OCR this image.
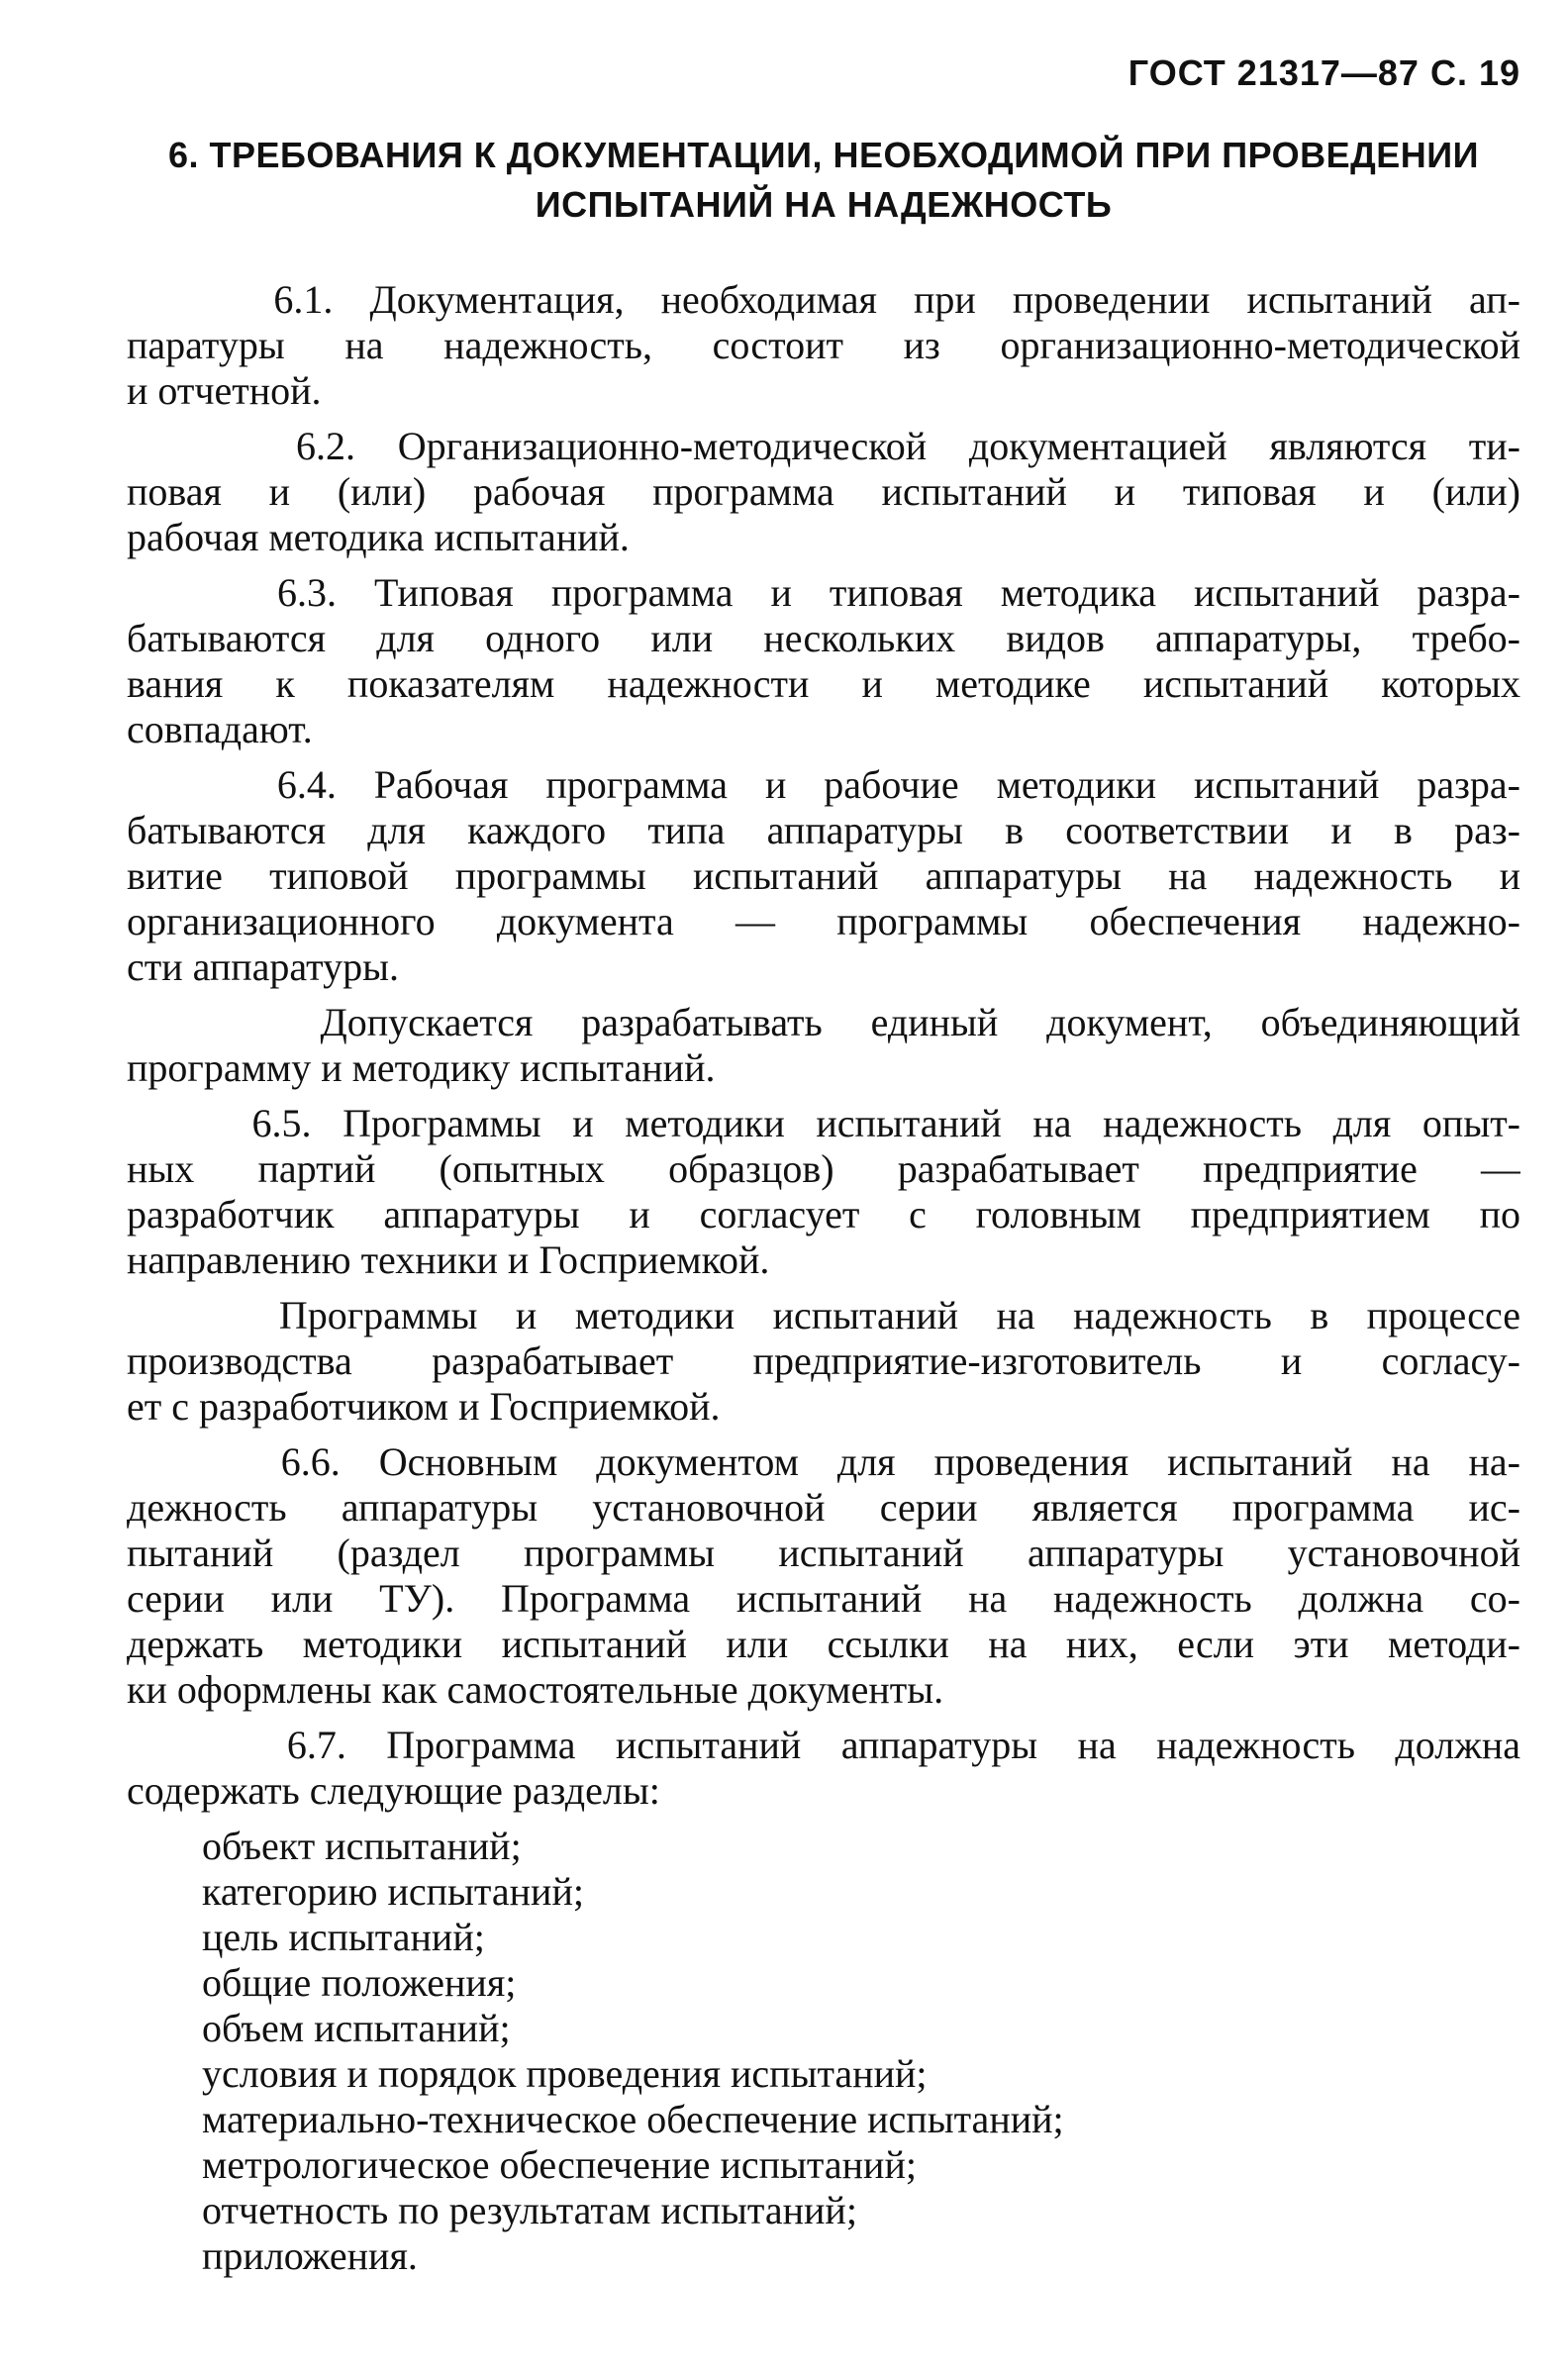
ГОСТ 21317—87 С. 19
6. ТРЕБОВАНИЯ К ДОКУМЕНТАЦИИ, НЕОБХОДИМОЙ ПРИ ПРОВЕДЕНИИ
ИСПЫТАНИЙ НА НАДЕЖНОСТЬ
6.1. Документация, необходимая при проведении испытаний ап-
паратуры на надежность, состоит из организационно-методической
и отчетной.
6.2. Организационно-методической документацией являются ти-
повая и (или) рабочая программа испытаний и типовая и (или)
рабочая методика испытаний.
6.3. Типовая программа и типовая методика испытаний разра-
батываются для одного или нескольких видов аппаратуры, требо-
вания к показателям надежности и методике испытаний которых
совпадают.
6.4. Рабочая программа и рабочие методики испытаний разра-
батываются для каждого типа аппаратуры в соответствии и в раз-
витие типовой программы испытаний аппаратуры на надежность и
организационного документа — программы обеспечения надежно-
сти аппаратуры.
Допускается разрабатывать единый документ, объединяющий
программу и методику испытаний.
6.5. Программы и методики испытаний на надежность для опыт-
ных партий (опытных образцов) разрабатывает предприятие —
разработчик аппаратуры и согласует с головным предприятием по
направлению техники и Госприемкой.
Программы и методики испытаний на надежность в процессе
производства разрабатывает предприятие-изготовитель и согласу-
ет с разработчиком и Госприемкой.
6.6. Основным документом для проведения испытаний на на-
дежность аппаратуры установочной серии является программа ис-
пытаний (раздел программы испытаний аппаратуры установочной
серии или ТУ). Программа испытаний на надежность должна со-
держать методики испытаний или ссылки на них, если эти методи-
ки оформлены как самостоятельные документы.
6.7. Программа испытаний аппаратуры на надежность должна
содержать следующие разделы:
объект испытаний;
категорию испытаний;
цель испытаний;
общие положения;
объем испытаний;
условия и порядок проведения испытаний;
материально-техническое обеспечение испытаний;
метрологическое обеспечение испытаний;
отчетность по результатам испытаний;
приложения.
